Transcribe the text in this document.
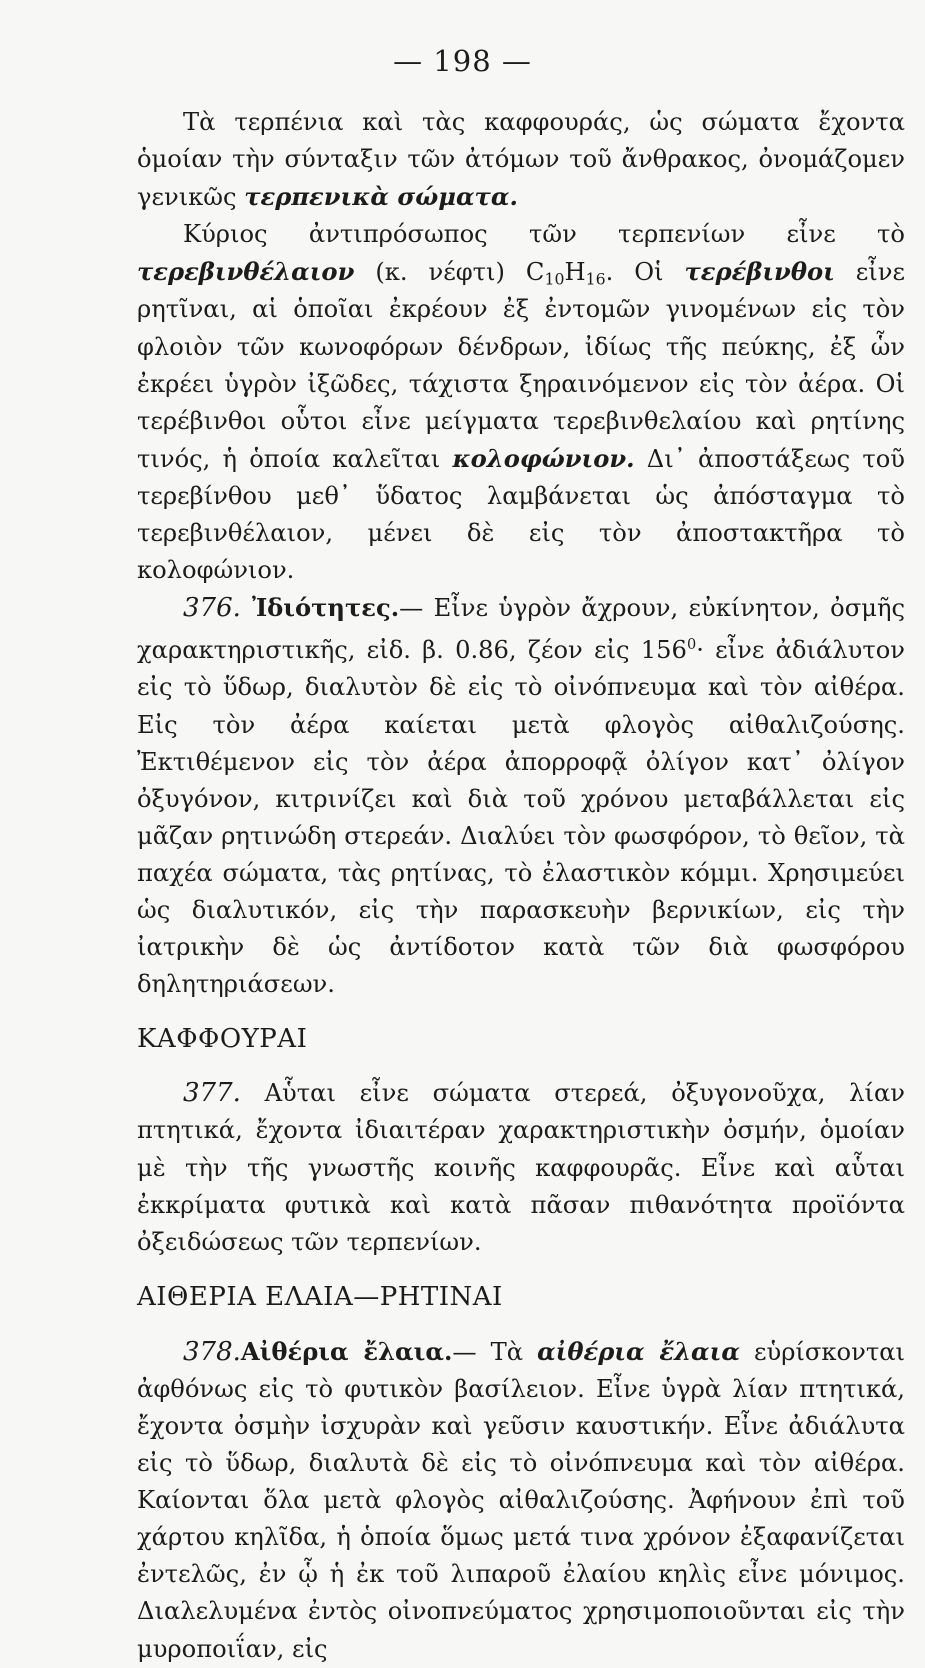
— 198 —

Τὰ τερπένια καὶ τὰς καφφουράς, ὡς σώματα ἔχοντα ὁμοίαν τὴν σύνταξιν τῶν ἀτόμων τοῦ ἄνθρακος, ὀνομάζομεν γενικῶς τερπενικὰ σώματα.

Κύριος ἀντιπρόσωπος τῶν τερπενίων εἶνε τὸ τερεβινθέλαιον (κ. νέφτι) $C_{10}H_{16}$. Οἱ τερέβινθοι εἶνε ρητῖναι, αἱ ὁποῖαι ἐκρέουν ἐξ ἐντομῶν γινομένων εἰς τὸν φλοιὸν τῶν κωνοφόρων δένδρων, ἰδίως τῆς πεύκης, ἐξ ὧν ἐκρέει ὑγρὸν ἰξῶδες, τάχιστα ξηραινόμενον εἰς τὸν ἀέρα. Οἱ τερέβινθοι οὗτοι εἶνε μείγματα τερεβινθελαίου καὶ ρητίνης τινός, ἡ ὁποία καλεῖται κολοφώνιον. Δι᾿ ἀποστάξεως τοῦ τερεβίνθου μεθ᾿ ὕδατος λαμβάνεται ὡς ἀπόσταγμα τὸ τερεβινθέλαιον, μένει δὲ εἰς τὸν ἀποστακτῆρα τὸ κολοφώνιον.

376. Ἰδιότητες.— Εἶνε ὑγρὸν ἄχρουν, εὐκίνητον, ὀσμῆς χαρακτηριστικῆς, εἰδ. β. 0.86, ζέον εἰς $156^0\cdot$ εἶνε ἀδιάλυτον εἰς τὸ ὕδωρ, διαλυτὸν δὲ εἰς τὸ οἰνόπνευμα καὶ τὸν αἰθέρα. Εἰς τὸν ἀέρα καίεται μετὰ φλογὸς αἰθαλιζούσης. Ἐκτιθέμενον εἰς τὸν ἀέρα ἀπορροφᾷ ὀλίγον κατ᾿ ὀλίγον ὀξυγόνον, κιτρινίζει καὶ διὰ τοῦ χρόνου μεταβάλλεται εἰς μᾶζαν ρητινώδη στερεάν. Διαλύει τὸν φωσφόρον, τὸ θεῖον, τὰ παχέα σώματα, τὰς ρητίνας, τὸ ἐλαστικὸν κόμμι. Χρησιμεύει ὡς διαλυτικόν, εἰς τὴν παρασκευὴν βερνικίων, εἰς τὴν ἰατρικὴν δὲ ὡς ἀντίδοτον κατὰ τῶν διὰ φωσφόρου δηλητηριάσεων.

ΚΑΦΦΟΥΡΑΙ

377. Αὗται εἶνε σώματα στερεά, ὀξυγονοῦχα, λίαν πτητικά, ἔχοντα ἰδιαιτέραν χαρακτηριστικὴν ὀσμήν, ὁμοίαν μὲ τὴν τῆς γνωστῆς κοινῆς καφφουρᾶς. Εἶνε καὶ αὗται ἐκκρίματα φυτικὰ καὶ κατὰ πᾶσαν πιθανότητα προϊόντα ὀξειδώσεως τῶν τερπενίων.

ΑΙΘΕΡΙΑ ΕΛΑΙΑ—ΡΗΤΙΝΑΙ

378.Αἰθέρια ἔλαια.— Τὰ αἰθέρια ἔλαια εὑρίσκονται ἀφθόνως εἰς τὸ φυτικὸν βασίλειον. Εἶνε ὑγρὰ λίαν πτητικά, ἔχοντα ὀσμὴν ἰσχυρὰν καὶ γεῦσιν καυστικήν. Εἶνε ἀδιάλυτα εἰς τὸ ὕδωρ, διαλυτὰ δὲ εἰς τὸ οἰνόπνευμα καὶ τὸν αἰθέρα. Καίονται ὅλα μετὰ φλογὸς αἰθαλιζούσης. Ἀφήνουν ἐπὶ τοῦ χάρτου κηλῖδα, ἡ ὁποία ὅμως μετά τινα χρόνον ἐξαφανίζεται ἐντελῶς, ἐν ᾧ ἡ ἐκ τοῦ λιπαροῦ ἐλαίου κηλὶς εἶνε μόνιμος. Διαλελυμένα ἐντὸς οἰνοπνεύματος χρησιμοποιοῦνται εἰς τὴν μυροποιΐαν, εἰς
